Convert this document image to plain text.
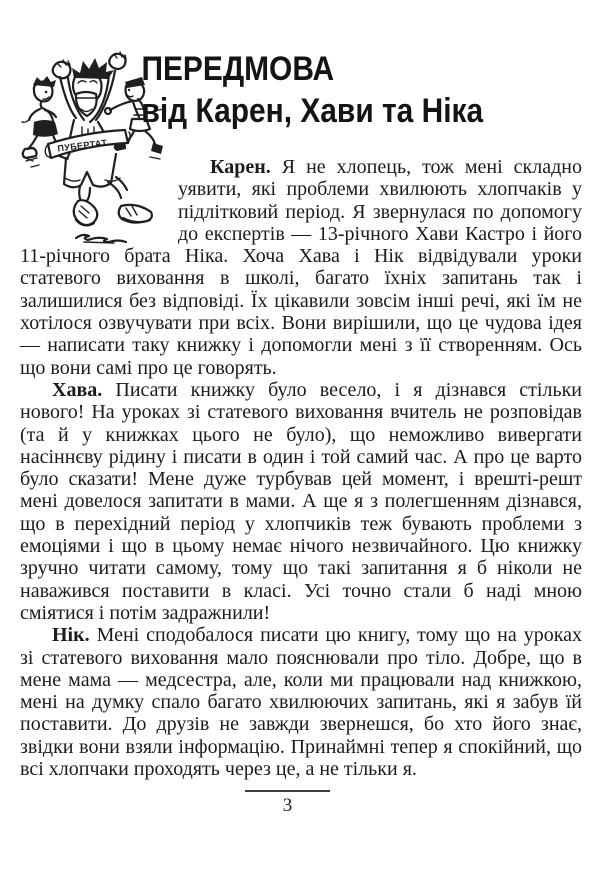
ПУБЕРТАТ
ПЕРЕДМОВА
від Карен, Хави та Ніка

Карен. Я не хлопець, тож мені складно уявити, які проблеми хвилюють хлопчаків у підлітковий період. Я звернулася по допомогу до експертів — 13-річного Хави Кастро і його 11-річного брата Ніка. Хоча Хава і Нік відвідували уроки статевого виховання в школі, багато їхніх запитань так і залишилися без відповіді. Їх цікавили зовсім інші речі, які їм не хотілося озвучувати при всіх. Вони вирішили, що це чудова ідея — написати таку книжку і допомогли мені з її створенням. Ось що вони самі про це говорять.

Хава. Писати книжку було весело, і я дізнався стільки нового! На уроках зі статевого виховання вчитель не розповідав (та й у книжках цього не було), що неможливо вивергати насіннєву рідину і писати в один і той самий час. А про це варто було сказати! Мене дуже турбував цей момент, і врешті-решт мені довелося запитати в мами. А ще я з полегшенням дізнався, що в перехідний період у хлопчиків теж бувають проблеми з емоціями і що в цьому немає нічого незвичайного. Цю книжку зручно читати самому, тому що такі запитання я б ніколи не наважився поставити в класі. Усі точно стали б наді мною сміятися і потім задражнили!

Нік. Мені сподобалося писати цю книгу, тому що на уроках зі статевого виховання мало пояснювали про тіло. Добре, що в мене мама — медсестра, але, коли ми працювали над книжкою, мені на думку спало багато хвилюючих запитань, які я забув їй поставити. До друзів не завжди звернешся, бо хто його знає, звідки вони взяли інформацію. Принаймні тепер я спокійний, що всі хлопчаки проходять через це, а не тільки я.

3
